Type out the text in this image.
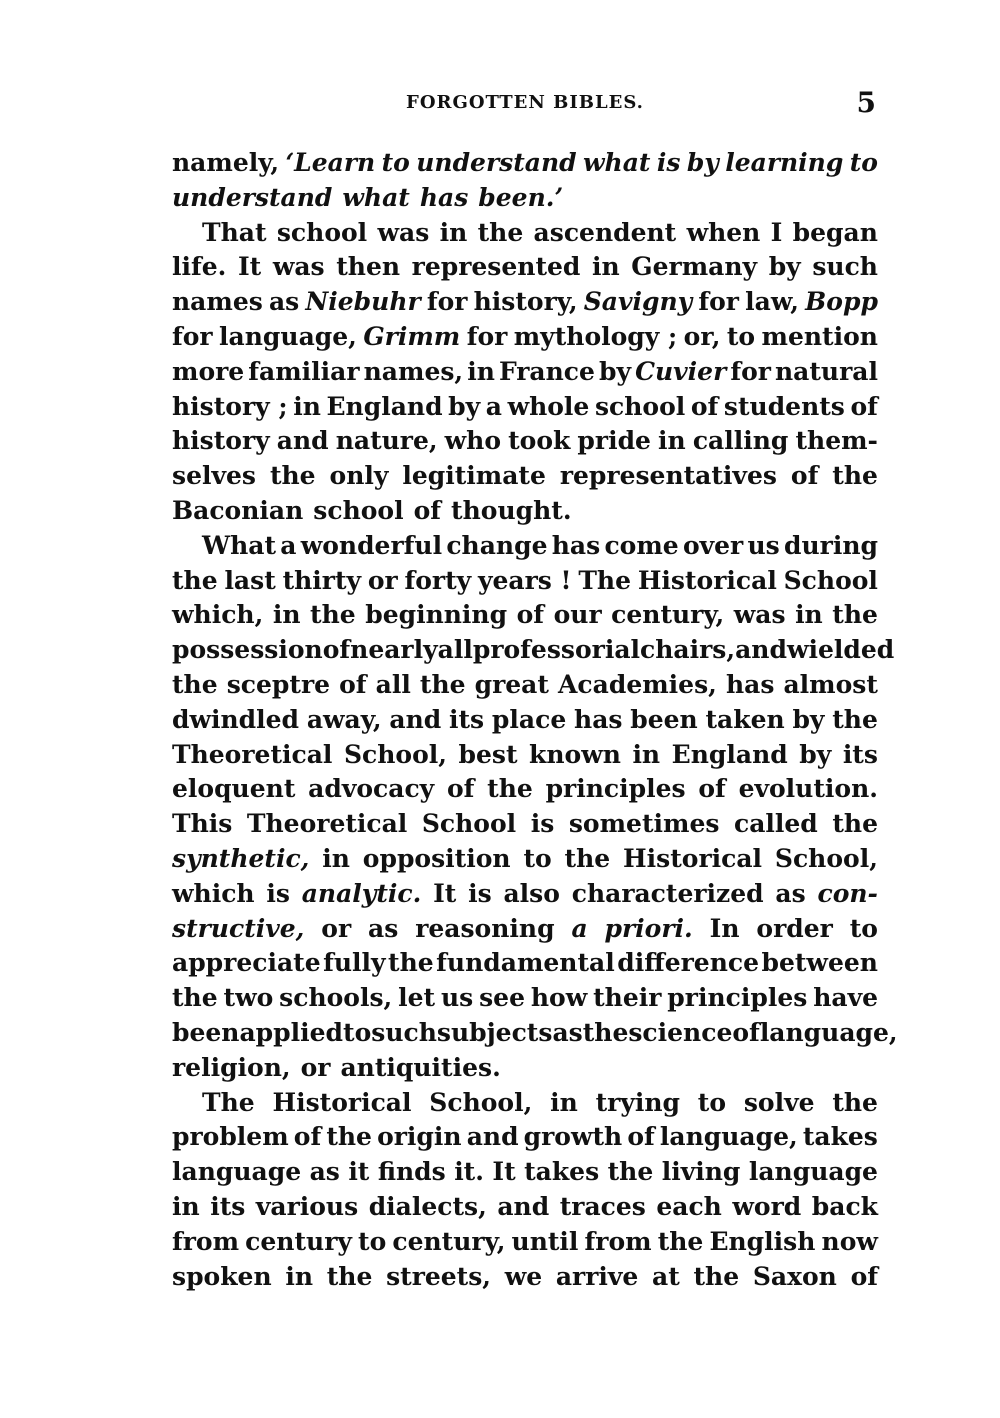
FORGOTTEN BIBLES.	5
namely, ‘Learn to understand what is by learning to
understand what has been.’
That school was in the ascendent when I began
life. It was then represented in Germany by such
names as Niebuhr for history, Savigny for law, Bopp
for language, Grimm for mythology ; or, to mention
more familiar names, in France by Cuvier for natural
history ; in England by a whole school of students of
history and nature, who took pride in calling them-
selves the only legitimate representatives of the
Baconian school of thought.
What a wonderful change has come over us during
the last thirty or forty years ! The Historical School
which, in the beginning of our century, was in the
possession of nearly all professorial chairs, and wielded
the sceptre of all the great Academies, has almost
dwindled away, and its place has been taken by the
Theoretical School, best known in England by its
eloquent advocacy of the principles of evolution.
This Theoretical School is sometimes called the
synthetic, in opposition to the Historical School,
which is analytic. It is also characterized as con-
structive, or as reasoning a priori. In order to
appreciate fully the fundamental difference between
the two schools, let us see how their principles have
been applied to such subjects as the science of language,
religion, or antiquities.
The Historical School, in trying to solve the
problem of the origin and growth of language, takes
language as it finds it. It takes the living language
in its various dialects, and traces each word back
from century to century, until from the English now
spoken in the streets, we arrive at the Saxon of
